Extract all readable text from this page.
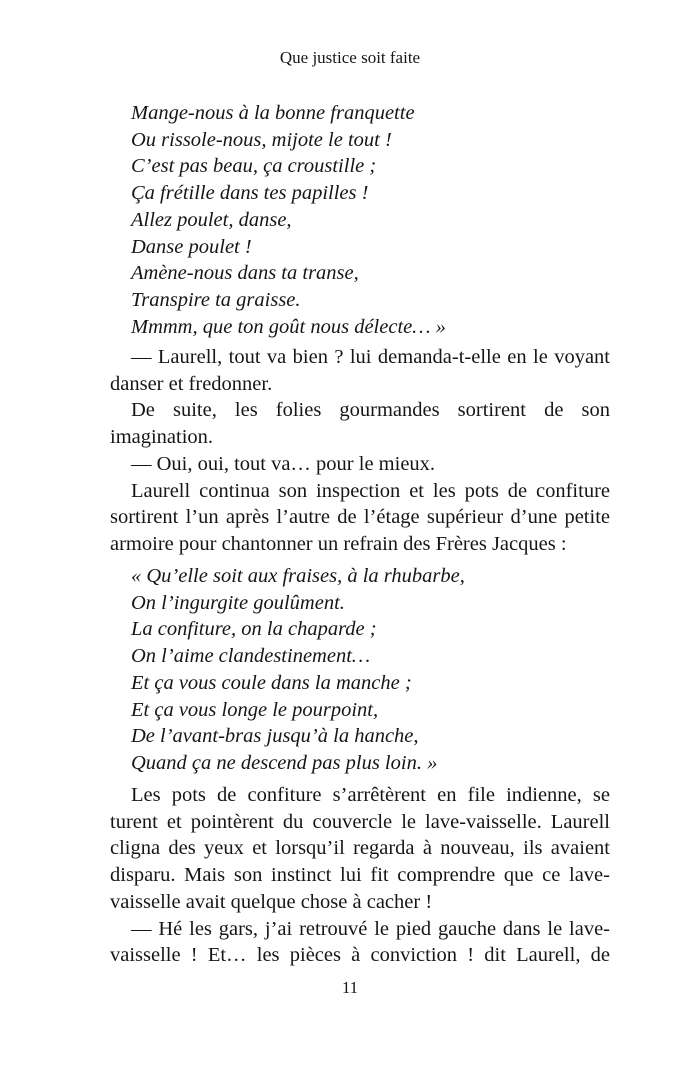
Que justice soit faite
Mange-nous à la bonne franquette
Ou rissole-nous, mijote le tout !
C’est pas beau, ça croustille ;
Ça frétille dans tes papilles !
Allez poulet, danse,
Danse poulet !
Amène-nous dans ta transe,
Transpire ta graisse.
Mmmm, que ton goût nous délecte… »

— Laurell, tout va bien ? lui demanda-t-elle en le voyant danser et fredonner.

De suite, les folies gourmandes sortirent de son imagination.

— Oui, oui, tout va… pour le mieux.

Laurell continua son inspection et les pots de confiture sortirent l’un après l’autre de l’étage supérieur d’une petite armoire pour chantonner un refrain des Frères Jacques :

« Qu’elle soit aux fraises, à la rhubarbe,
On l’ingurgite goulûment.
La confiture, on la chaparde ;
On l’aime clandestinement…
Et ça vous coule dans la manche ;
Et ça vous longe le pourpoint,
De l’avant-bras jusqu’à la hanche,
Quand ça ne descend pas plus loin. »

Les pots de confiture s’arrêtèrent en file indienne, se turent et pointèrent du couvercle le lave-vaisselle. Laurell cligna des yeux et lorsqu’il regarda à nouveau, ils avaient disparu. Mais son instinct lui fit comprendre que ce lave-vaisselle avait quelque chose à cacher !

— Hé les gars, j’ai retrouvé le pied gauche dans le lave-vaisselle ! Et… les pièces à conviction ! dit Laurell, de

11
